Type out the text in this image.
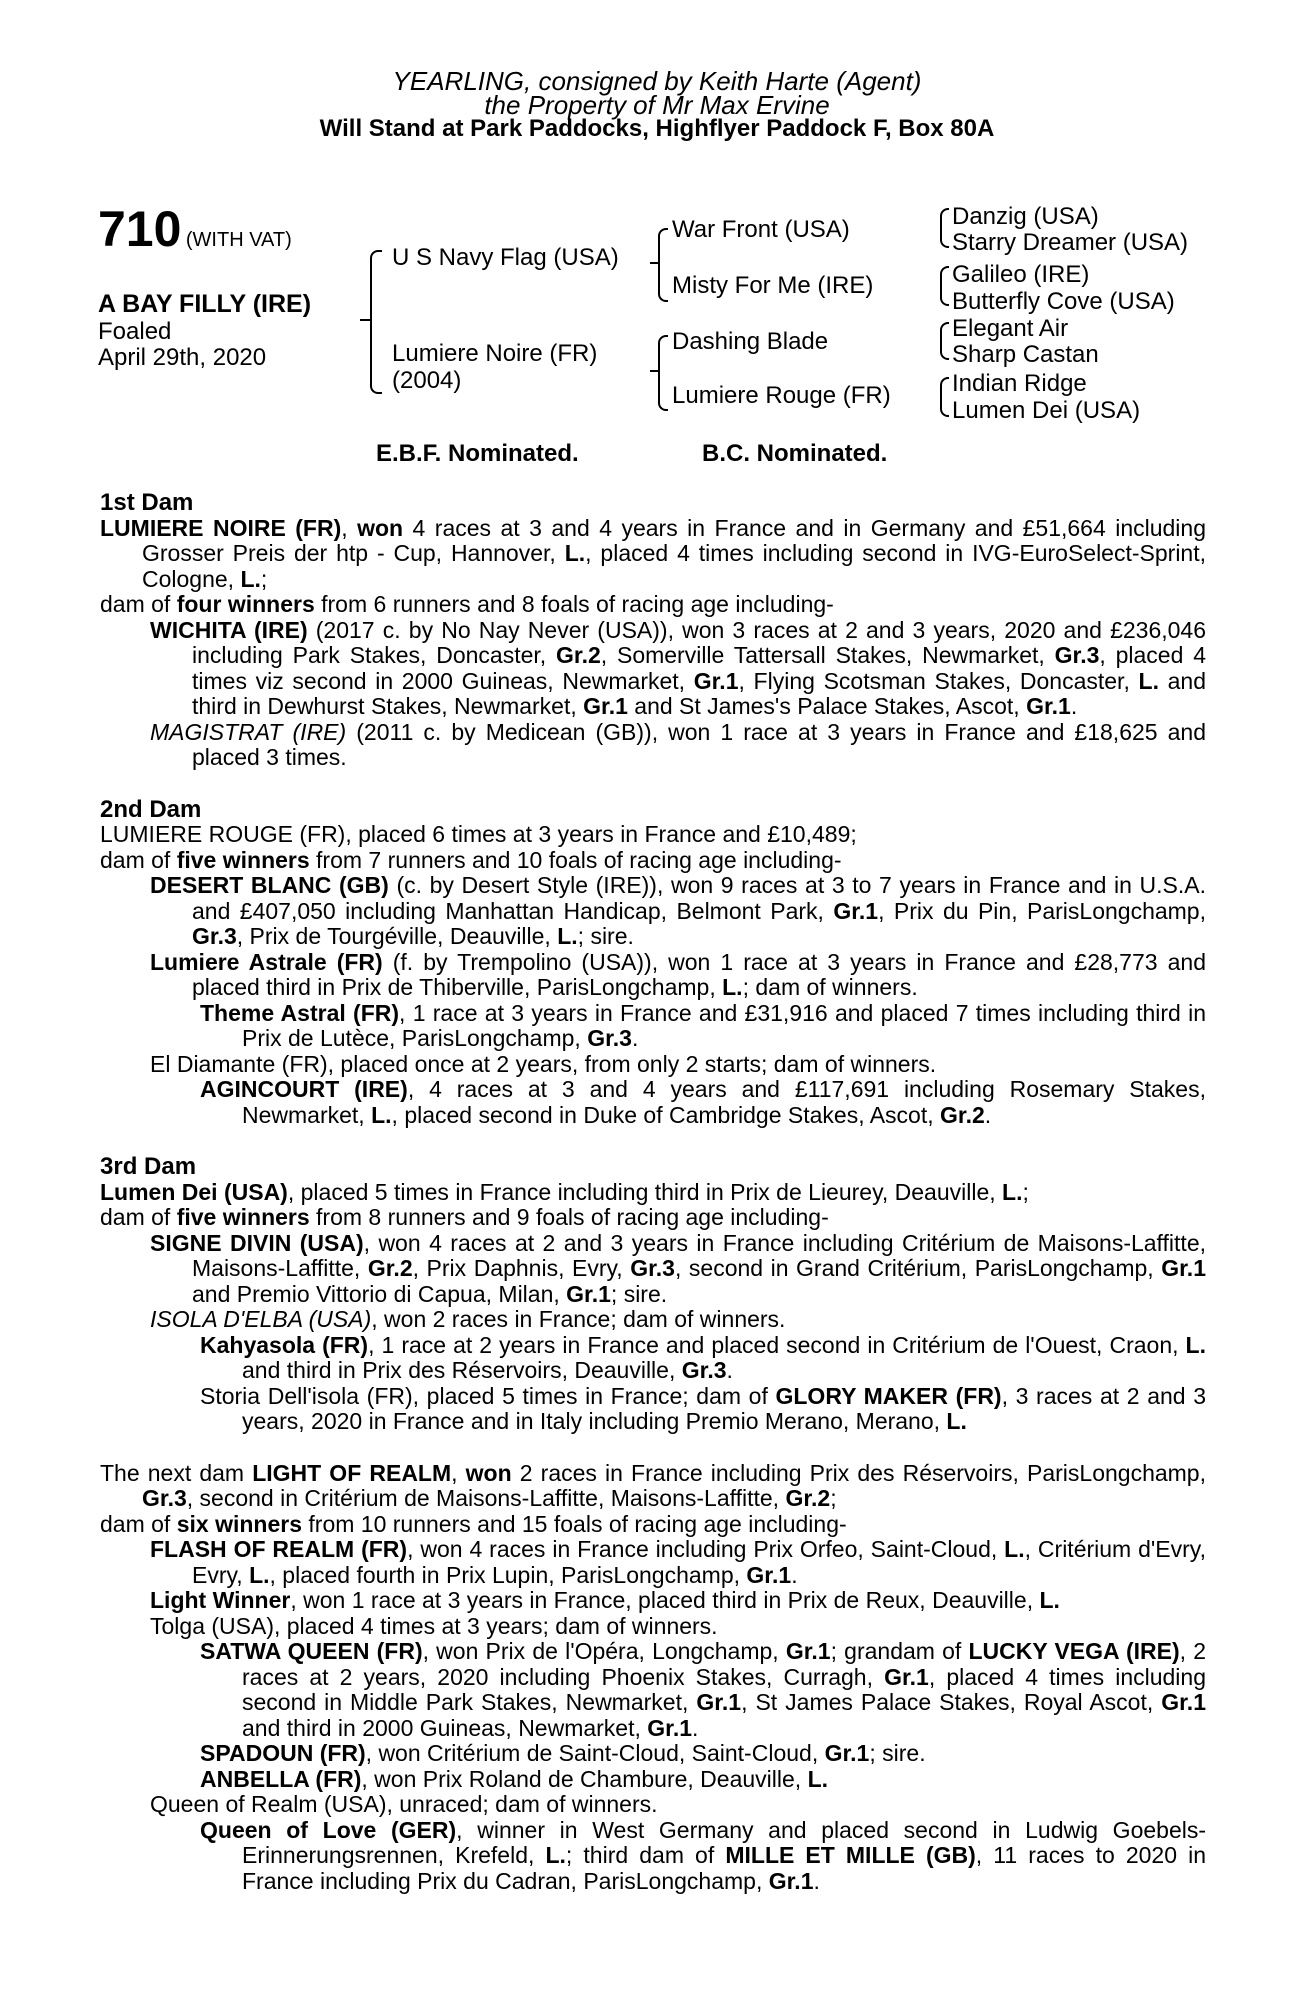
YEARLING, consigned by Keith Harte (Agent)
the Property of Mr Max Ervine
Will Stand at Park Paddocks, Highflyer Paddock F, Box 80A
710 (WITH VAT)
A BAY FILLY (IRE)
Foaled
April 29th, 2020
U S Navy Flag (USA)
Lumiere Noire (FR)
(2004)
War Front (USA)
Misty For Me (IRE)
Dashing Blade
Lumiere Rouge (FR)
Danzig (USA)
Starry Dreamer (USA)
Galileo (IRE)
Butterfly Cove (USA)
Elegant Air
Sharp Castan
Indian Ridge
Lumen Dei (USA)
E.B.F. Nominated.	B.C. Nominated.
1st Dam

LUMIERE NOIRE (FR), won 4 races at 3 and 4 years in France and in Germany and £51,664 including Grosser Preis der htp - Cup, Hannover, L., placed 4 times including second in IVG-EuroSelect-Sprint, Cologne, L.;

dam of four winners from 6 runners and 8 foals of racing age including-

WICHITA (IRE) (2017 c. by No Nay Never (USA)), won 3 races at 2 and 3 years, 2020 and £236,046 including Park Stakes, Doncaster, Gr.2, Somerville Tattersall Stakes, Newmarket, Gr.3, placed 4 times viz second in 2000 Guineas, Newmarket, Gr.1, Flying Scotsman Stakes, Doncaster, L. and third in Dewhurst Stakes, Newmarket, Gr.1 and St James's Palace Stakes, Ascot, Gr.1.

MAGISTRAT (IRE) (2011 c. by Medicean (GB)), won 1 race at 3 years in France and £18,625 and placed 3 times.

2nd Dam

LUMIERE ROUGE (FR), placed 6 times at 3 years in France and £10,489;

dam of five winners from 7 runners and 10 foals of racing age including-

DESERT BLANC (GB) (c. by Desert Style (IRE)), won 9 races at 3 to 7 years in France and in U.S.A. and £407,050 including Manhattan Handicap, Belmont Park, Gr.1, Prix du Pin, ParisLongchamp, Gr.3, Prix de Tourgéville, Deauville, L.; sire.

Lumiere Astrale (FR) (f. by Trempolino (USA)), won 1 race at 3 years in France and £28,773 and placed third in Prix de Thiberville, ParisLongchamp, L.; dam of winners.

Theme Astral (FR), 1 race at 3 years in France and £31,916 and placed 7 times including third in Prix de Lutèce, ParisLongchamp, Gr.3.

El Diamante (FR), placed once at 2 years, from only 2 starts; dam of winners.

AGINCOURT (IRE), 4 races at 3 and 4 years and £117,691 including Rosemary Stakes, Newmarket, L., placed second in Duke of Cambridge Stakes, Ascot, Gr.2.

3rd Dam

Lumen Dei (USA), placed 5 times in France including third in Prix de Lieurey, Deauville, L.;

dam of five winners from 8 runners and 9 foals of racing age including-

SIGNE DIVIN (USA), won 4 races at 2 and 3 years in France including Critérium de Maisons-Laffitte, Maisons-Laffitte, Gr.2, Prix Daphnis, Evry, Gr.3, second in Grand Critérium, ParisLongchamp, Gr.1 and Premio Vittorio di Capua, Milan, Gr.1; sire.

ISOLA D'ELBA (USA), won 2 races in France; dam of winners.

Kahyasola (FR), 1 race at 2 years in France and placed second in Critérium de l'Ouest, Craon, L. and third in Prix des Réservoirs, Deauville, Gr.3.

Storia Dell'isola (FR), placed 5 times in France; dam of GLORY MAKER (FR), 3 races at 2 and 3 years, 2020 in France and in Italy including Premio Merano, Merano, L.

The next dam LIGHT OF REALM, won 2 races in France including Prix des Réservoirs, ParisLongchamp, Gr.3, second in Critérium de Maisons-Laffitte, Maisons-Laffitte, Gr.2;

dam of six winners from 10 runners and 15 foals of racing age including-

FLASH OF REALM (FR), won 4 races in France including Prix Orfeo, Saint-Cloud, L., Critérium d'Evry, Evry, L., placed fourth in Prix Lupin, ParisLongchamp, Gr.1.

Light Winner, won 1 race at 3 years in France, placed third in Prix de Reux, Deauville, L.

Tolga (USA), placed 4 times at 3 years; dam of winners.

SATWA QUEEN (FR), won Prix de l'Opéra, Longchamp, Gr.1; grandam of LUCKY VEGA (IRE), 2 races at 2 years, 2020 including Phoenix Stakes, Curragh, Gr.1, placed 4 times including second in Middle Park Stakes, Newmarket, Gr.1, St James Palace Stakes, Royal Ascot, Gr.1 and third in 2000 Guineas, Newmarket, Gr.1.

SPADOUN (FR), won Critérium de Saint-Cloud, Saint-Cloud, Gr.1; sire.

ANBELLA (FR), won Prix Roland de Chambure, Deauville, L.

Queen of Realm (USA), unraced; dam of winners.

Queen of Love (GER), winner in West Germany and placed second in Ludwig Goebels-Erinnerungsrennen, Krefeld, L.; third dam of MILLE ET MILLE (GB), 11 races to 2020 in France including Prix du Cadran, ParisLongchamp, Gr.1.
